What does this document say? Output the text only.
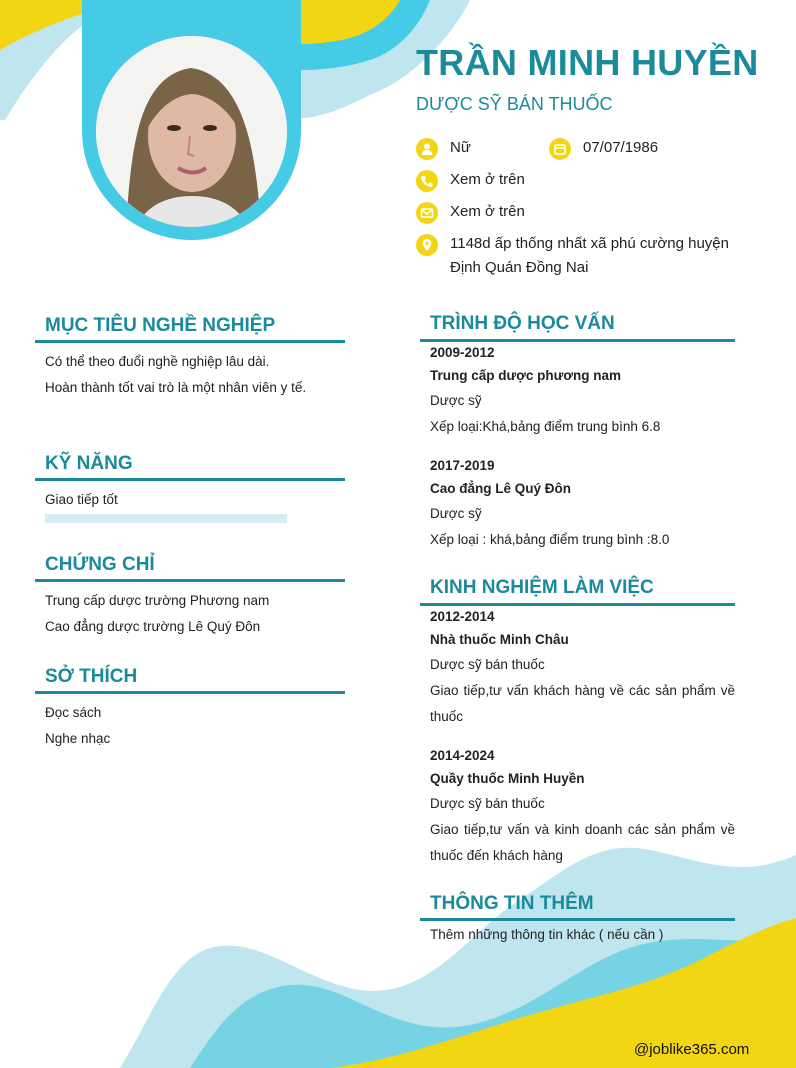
TRẦN MINH HUYỀN
DƯỢC SỸ BÁN THUỐC
Nữ	07/07/1986
Xem ở trên
Xem ở trên
1148d ấp thống nhất xã phú cường huyện Định Quán Đồng Nai
MỤC TIÊU NGHỀ NGHIỆP
Có thể theo đuổi nghề nghiệp lâu dài.
Hoàn thành tốt vai trò là một nhân viên y tế.
KỸ NĂNG
Giao tiếp tốt
CHỨNG CHỈ
Trung cấp dược trường Phương nam
Cao đẳng dược trường Lê Quý Đôn
SỞ THÍCH
Đọc sách
Nghe nhạc
TRÌNH ĐỘ HỌC VẤN
2009-2012
Trung cấp dược phương nam
Dược sỹ
Xếp loại:Khá,bảng điểm trung bình 6.8
2017-2019
Cao đẳng Lê Quý Đôn
Dược sỹ
Xếp loại : khá,bảng điểm trung bình :8.0
KINH NGHIỆM LÀM VIỆC
2012-2014
Nhà thuốc Minh Châu
Dược sỹ bán thuốc
Giao tiếp,tư vấn khách hàng về các sản phẩm về thuốc
2014-2024
Quầy thuốc Minh Huyền
Dược sỹ bán thuốc
Giao tiếp,tư vấn và kinh doanh các sản phẩm về thuốc đến khách hàng
THÔNG TIN THÊM
Thêm những thông tin khác ( nếu cần )
@joblike365.com
